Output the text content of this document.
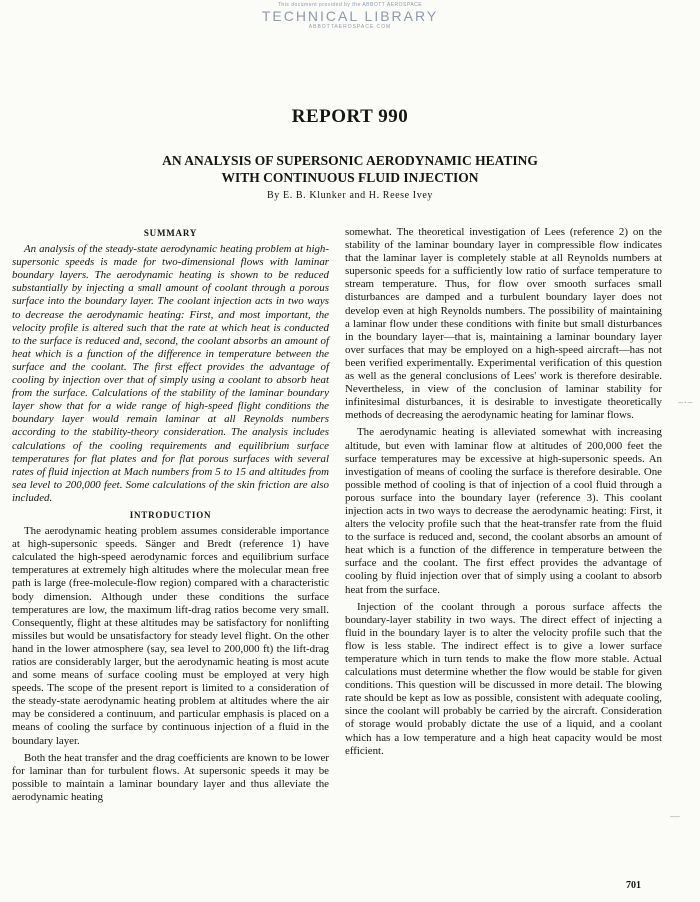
This document provided by the ABBOTT AEROSPACE
TECHNICAL LIBRARY
ABBOTTAEROSPACE.COM
REPORT 990
AN ANALYSIS OF SUPERSONIC AERODYNAMIC HEATING
WITH CONTINUOUS FLUID INJECTION
By E. B. Klunker and H. Reese Ivey
SUMMARY

An analysis of the steady-state aerodynamic heating problem at high-supersonic speeds is made for two-dimensional flows with laminar boundary layers. The aerodynamic heating is shown to be reduced substantially by injecting a small amount of coolant through a porous surface into the boundary layer. The coolant injection acts in two ways to decrease the aerodynamic heating: First, and most important, the velocity profile is altered such that the rate at which heat is conducted to the surface is reduced and, second, the coolant absorbs an amount of heat which is a function of the difference in temperature between the surface and the coolant. The first effect provides the advantage of cooling by injection over that of simply using a coolant to absorb heat from the surface. Calculations of the stability of the laminar boundary layer show that for a wide range of high-speed flight conditions the boundary layer would remain laminar at all Reynolds numbers according to the stability-theory consideration. The analysis includes calculations of the cooling requirements and equilibrium surface temperatures for flat plates and for flat porous surfaces with several rates of fluid injection at Mach numbers from 5 to 15 and altitudes from sea level to 200,000 feet. Some calculations of the skin friction are also included.

INTRODUCTION

The aerodynamic heating problem assumes considerable importance at high-supersonic speeds. Sänger and Bredt (reference 1) have calculated the high-speed aerodynamic forces and equilibrium surface temperatures at extremely high altitudes where the molecular mean free path is large (free-molecule-flow region) compared with a characteristic body dimension. Although under these conditions the surface temperatures are low, the maximum lift-drag ratios become very small. Consequently, flight at these altitudes may be satisfactory for nonlifting missiles but would be unsatisfactory for steady level flight. On the other hand in the lower atmosphere (say, sea level to 200,000 ft) the lift-drag ratios are considerably larger, but the aerodynamic heating is most acute and some means of surface cooling must be employed at very high speeds. The scope of the present report is limited to a consideration of the steady-state aerodynamic heating problem at altitudes where the air may be considered a continuum, and particular emphasis is placed on a means of cooling the surface by continuous injection of a fluid in the boundary layer.

Both the heat transfer and the drag coefficients are known to be lower for laminar than for turbulent flows. At supersonic speeds it may be possible to maintain a laminar boundary layer and thus alleviate the aerodynamic heating

somewhat. The theoretical investigation of Lees (reference 2) on the stability of the laminar boundary layer in compressible flow indicates that the laminar layer is completely stable at all Reynolds numbers at supersonic speeds for a sufficiently low ratio of surface temperature to stream temperature. Thus, for flow over smooth surfaces small disturbances are damped and a turbulent boundary layer does not develop even at high Reynolds numbers. The possibility of maintaining a laminar flow under these conditions with finite but small disturbances in the boundary layer—that is, maintaining a laminar boundary layer over surfaces that may be employed on a high-speed aircraft—has not been verified experimentally. Experimental verification of this question as well as the general conclusions of Lees' work is therefore desirable. Nevertheless, in view of the conclusion of laminar stability for infinitesimal disturbances, it is desirable to investigate theoretically methods of decreasing the aerodynamic heating for laminar flows.

The aerodynamic heating is alleviated somewhat with increasing altitude, but even with laminar flow at altitudes of 200,000 feet the surface temperatures may be excessive at high-supersonic speeds. An investigation of means of cooling the surface is therefore desirable. One possible method of cooling is that of injection of a cool fluid through a porous surface into the boundary layer (reference 3). This coolant injection acts in two ways to decrease the aerodynamic heating: First, it alters the velocity profile such that the heat-transfer rate from the fluid to the surface is reduced and, second, the coolant absorbs an amount of heat which is a function of the difference in temperature between the surface and the coolant. The first effect provides the advantage of cooling by fluid injection over that of simply using a coolant to absorb heat from the surface.

Injection of the coolant through a porous surface affects the boundary-layer stability in two ways. The direct effect of injecting a fluid in the boundary layer is to alter the velocity profile such that the flow is less stable. The indirect effect is to give a lower surface temperature which in turn tends to make the flow more stable. Actual calculations must determine whether the flow would be stable for given conditions. This question will be discussed in more detail. The blowing rate should be kept as low as possible, consistent with adequate cooling, since the coolant will probably be carried by the aircraft. Consideration of storage would probably dictate the use of a liquid, and a coolant which has a low temperature and a high heat capacity would be most efficient.

–·–
——
701
